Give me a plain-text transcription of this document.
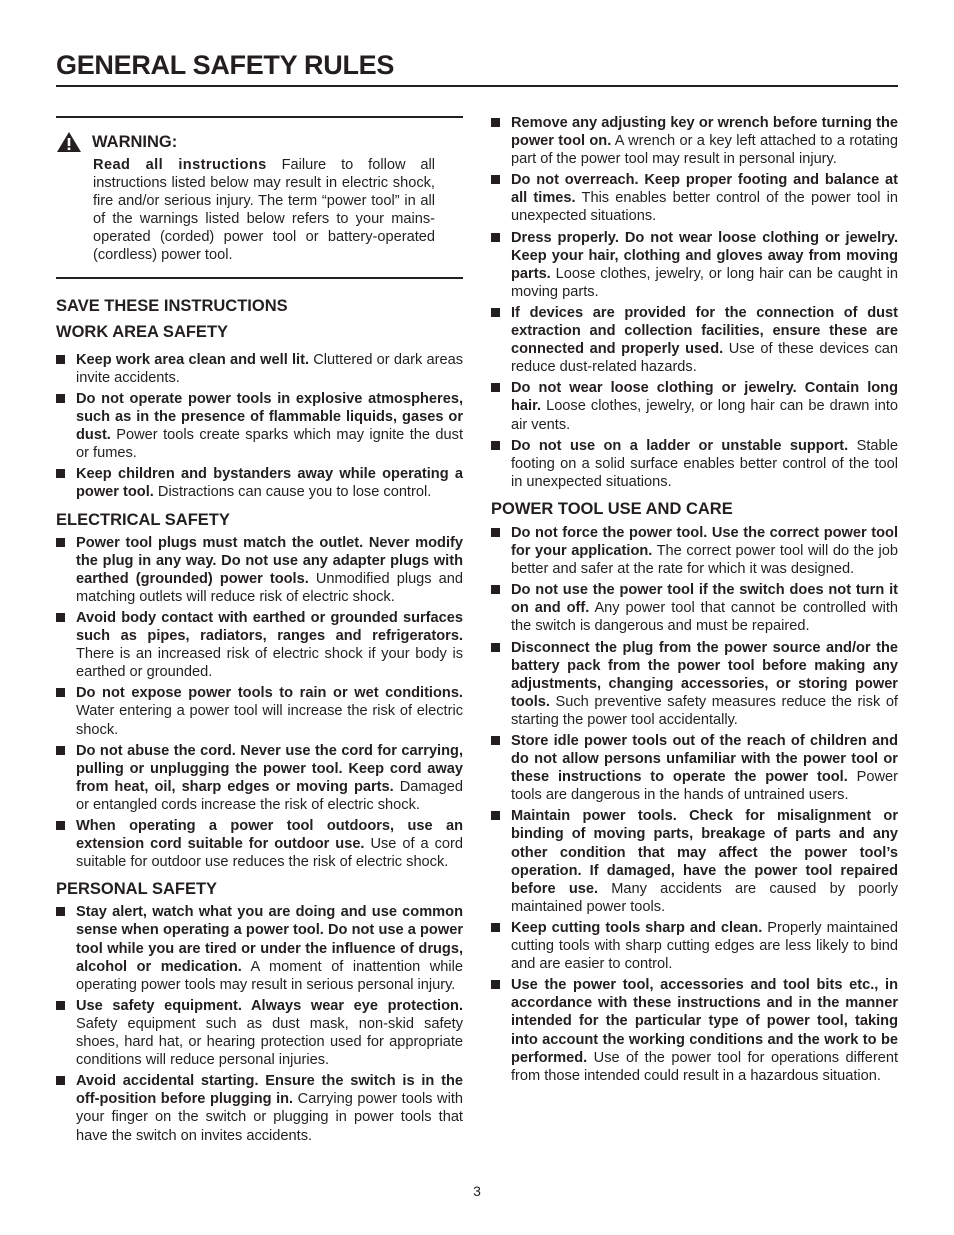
GENERAL SAFETY RULES
WARNING:
Read all instructions Failure to follow all instructions listed below may result in electric shock, fire and/or serious injury. The term “power tool” in all of the warnings listed below refers to your mains-operated (corded) power tool or battery-operated (cordless) power tool.
SAVE THESE INSTRUCTIONS
WORK AREA SAFETY
Keep work area clean and well lit. Cluttered or dark areas invite accidents.
Do not operate power tools in explosive atmospheres, such as in the presence of flammable liquids, gases or dust. Power tools create sparks which may ignite the dust or fumes.
Keep children and bystanders away while operating a power tool. Distractions can cause you to lose control.
ELECTRICAL SAFETY
Power tool plugs must match the outlet. Never modify the plug in any way. Do not use any adapter plugs with earthed (grounded) power tools. Unmodified plugs and matching outlets will reduce risk of electric shock.
Avoid body contact with earthed or grounded surfaces such as pipes, radiators, ranges and refrigerators. There is an increased risk of electric shock if your body is earthed or grounded.
Do not expose power tools to rain or wet conditions. Water entering a power tool will increase the risk of electric shock.
Do not abuse the cord. Never use the cord for carrying, pulling or unplugging the power tool. Keep cord away from heat, oil, sharp edges or moving parts. Damaged or entangled cords increase the risk of electric shock.
When operating a power tool outdoors, use an extension cord suitable for outdoor use. Use of a cord suitable for outdoor use reduces the risk of electric shock.
PERSONAL SAFETY
Stay alert, watch what you are doing and use common sense when operating a power tool. Do not use a power tool while you are tired or under the influence of drugs, alcohol or medication. A moment of inattention while operating power tools may result in serious personal injury.
Use safety equipment. Always wear eye protection. Safety equipment such as dust mask, non-skid safety shoes, hard hat, or hearing protection used for appropriate conditions will reduce personal injuries.
Avoid accidental starting. Ensure the switch is in the off-position before plugging in. Carrying power tools with your finger on the switch or plugging in power tools that have the switch on invites accidents.
Remove any adjusting key or wrench before turning the power tool on. A wrench or a key left attached to a rotating part of the power tool may result in personal injury.
Do not overreach. Keep proper footing and balance at all times. This enables better control of the power tool in unexpected situations.
Dress properly. Do not wear loose clothing or jewelry. Keep your hair, clothing and gloves away from moving parts. Loose clothes, jewelry, or long hair can be caught in moving parts.
If devices are provided for the connection of dust extraction and collection facilities, ensure these are connected and properly used. Use of these devices can reduce dust-related hazards.
Do not wear loose clothing or jewelry. Contain long hair. Loose clothes, jewelry, or long hair can be drawn into air vents.
Do not use on a ladder or unstable support. Stable footing on a solid surface enables better control of the tool in unexpected situations.
POWER TOOL USE AND CARE
Do not force the power tool. Use the correct power tool for your application. The correct power tool will do the job better and safer at the rate for which it was designed.
Do not use the power tool if the switch does not turn it on and off. Any power tool that cannot be controlled with the switch is dangerous and must be repaired.
Disconnect the plug from the power source and/or the battery pack from the power tool before making any adjustments, changing accessories, or storing power tools. Such preventive safety measures reduce the risk of starting the power tool accidentally.
Store idle power tools out of the reach of children and do not allow persons unfamiliar with the power tool or these instructions to operate the power tool. Power tools are dangerous in the hands of untrained users.
Maintain power tools. Check for misalignment or binding of moving parts, breakage of parts and any other condition that may affect the power tool’s operation. If damaged, have the power tool repaired before use. Many accidents are caused by poorly maintained power tools.
Keep cutting tools sharp and clean. Properly maintained cutting tools with sharp cutting edges are less likely to bind and are easier to control.
Use the power tool, accessories and tool bits etc., in accordance with these instructions and in the manner intended for the particular type of power tool, taking into account the working conditions and the work to be performed. Use of the power tool for operations different from those intended could result in a hazardous situation.
3
